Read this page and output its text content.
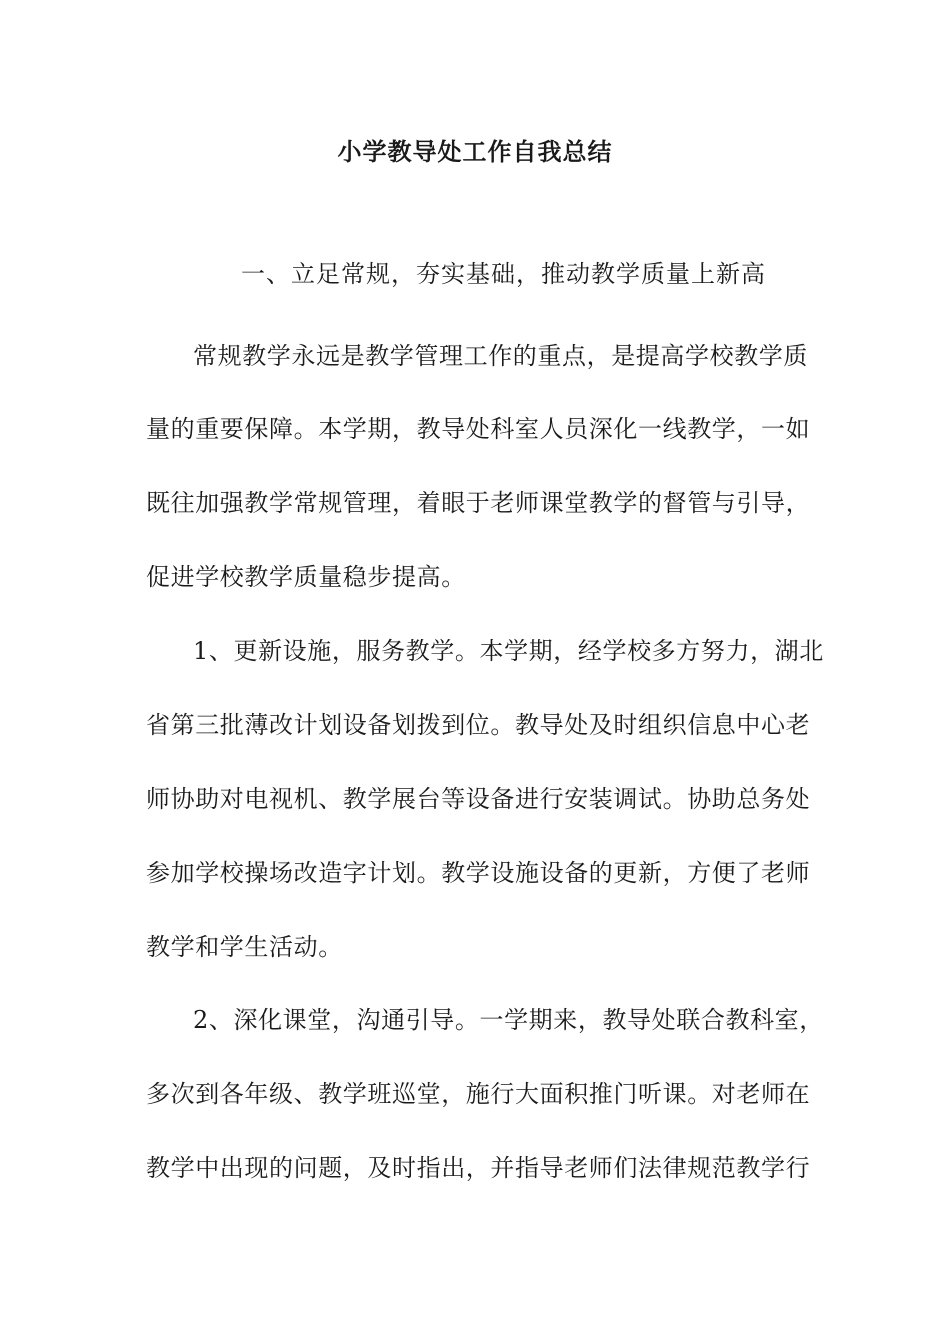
小学教导处工作自我总结
一、立足常规，夯实基础，推动教学质量上新高
常规教学永远是教学管理工作的重点，是提高学校教学质
量的重要保障。本学期，教导处科室人员深化一线教学，一如
既往加强教学常规管理，着眼于老师课堂教学的督管与引导，
促进学校教学质量稳步提高。
1、更新设施，服务教学。本学期，经学校多方努力，湖北
省第三批薄改计划设备划拨到位。教导处及时组织信息中心老
师协助对电视机、教学展台等设备进行安装调试。协助总务处
参加学校操场改造字计划。教学设施设备的更新，方便了老师
教学和学生活动。
2、深化课堂，沟通引导。一学期来，教导处联合教科室，
多次到各年级、教学班巡堂，施行大面积推门听课。对老师在
教学中出现的问题，及时指出，并指导老师们法律规范教学行
